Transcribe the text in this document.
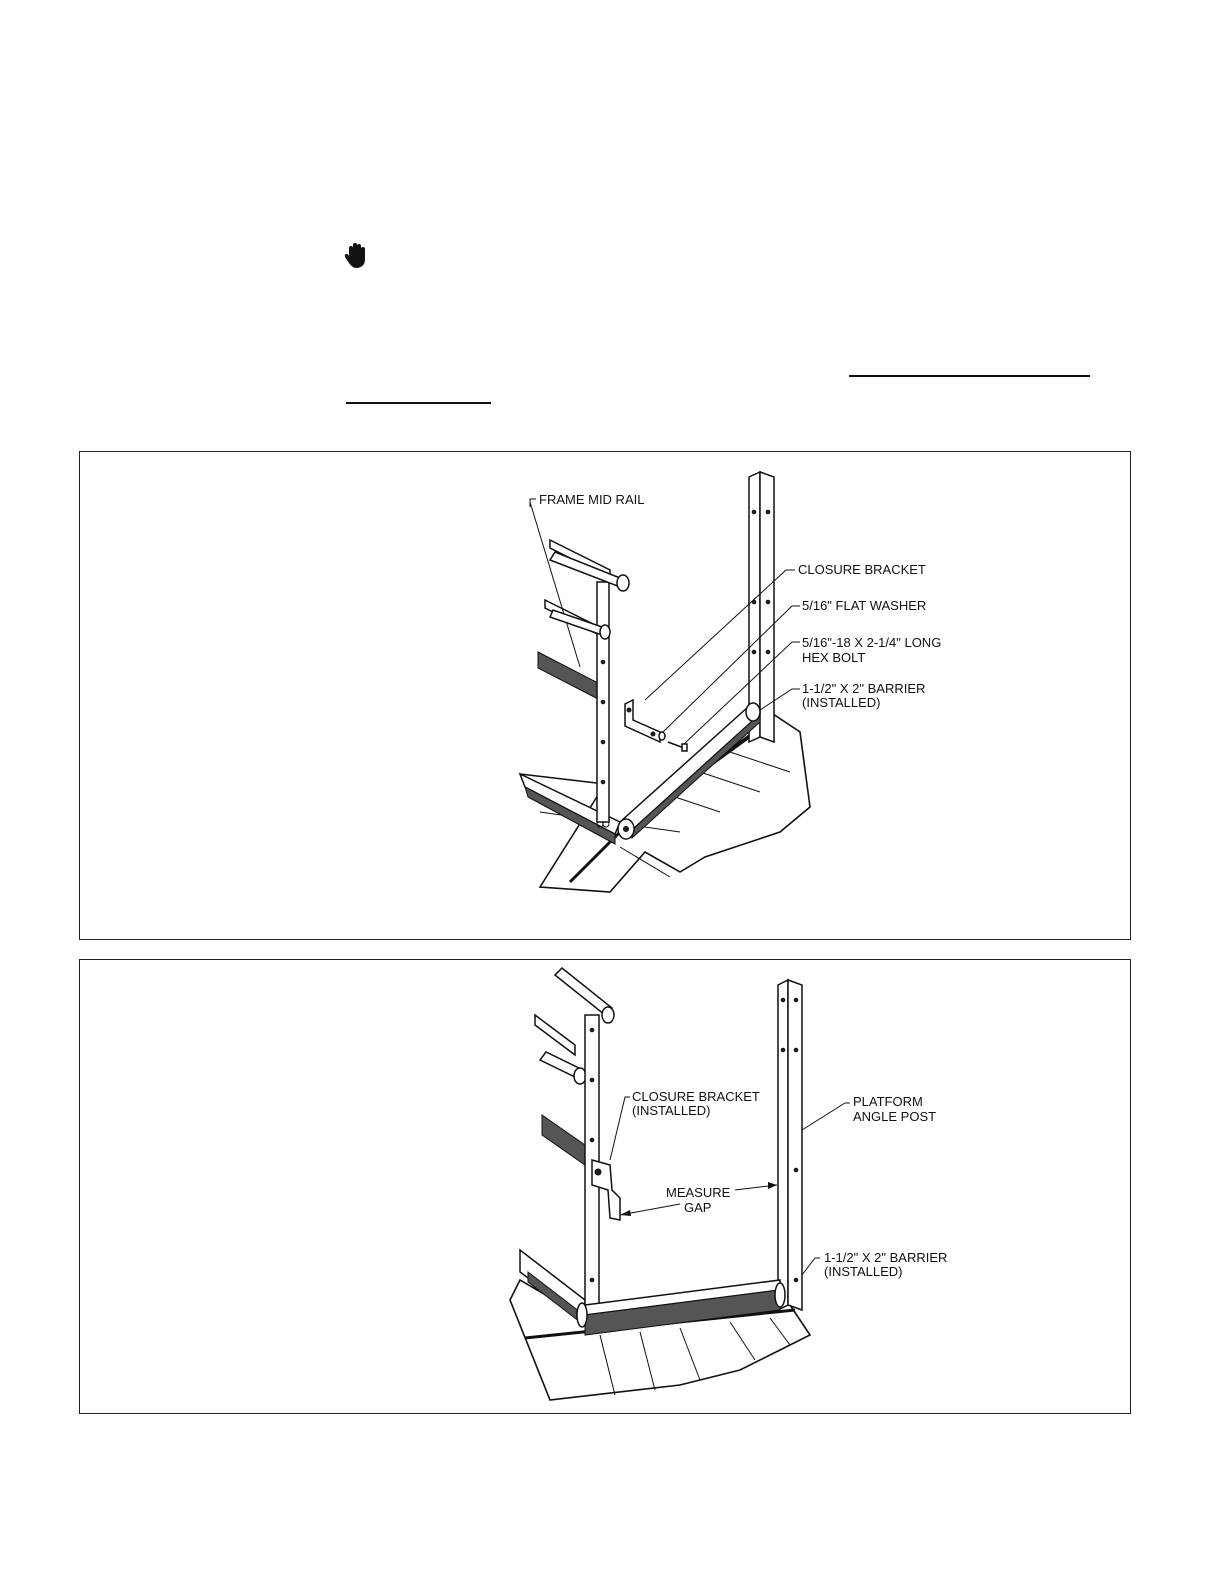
FRAME MID RAIL
CLOSURE BRACKET
5/16" FLAT WASHER
5/16"-18 X 2-1/4" LONG
HEX BOLT
1-1/2" X 2" BARRIER
(INSTALLED)
CLOSURE BRACKET
(INSTALLED)
PLATFORM
ANGLE POST
MEASURE
GAP
1-1/2" X 2" BARRIER
(INSTALLED)
